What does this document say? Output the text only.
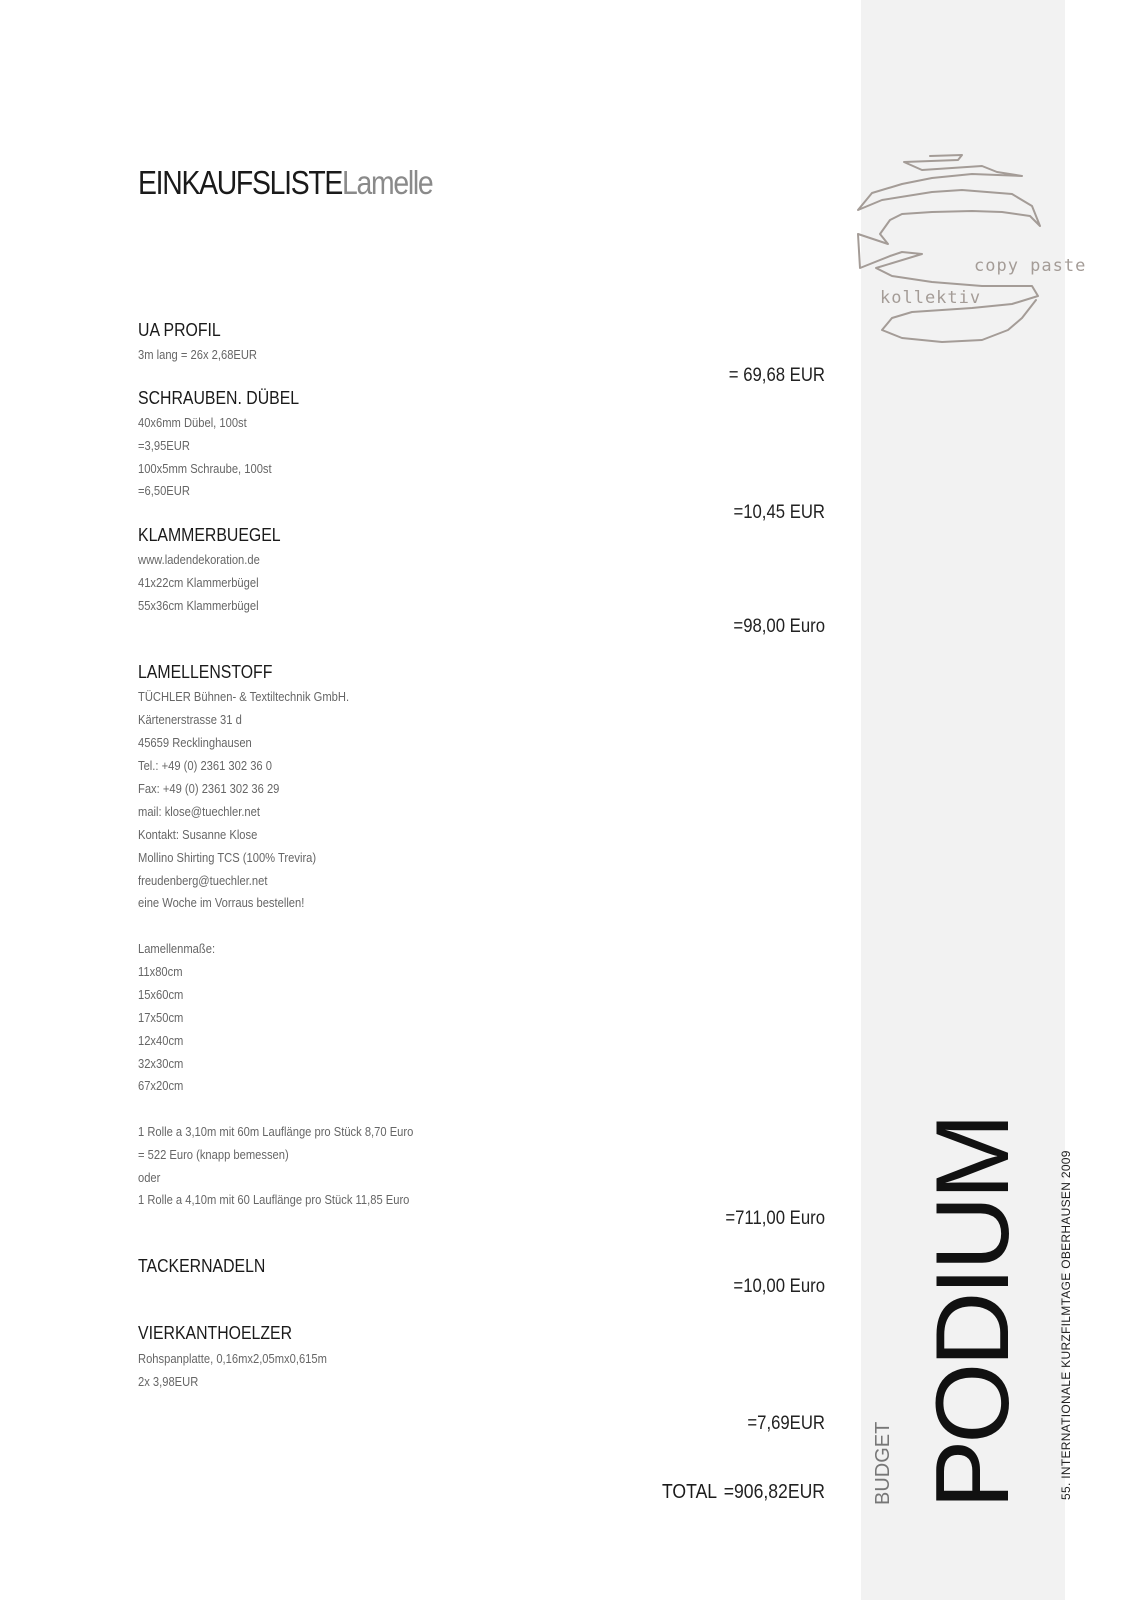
EINKAUFSLISTELamelle
UA PROFIL
3m lang = 26x 2,68EUR
= 69,68 EUR
SCHRAUBEN. DÜBEL
40x6mm Dübel, 100st
=3,95EUR
100x5mm Schraube, 100st
=6,50EUR
=10,45 EUR
KLAMMERBUEGEL
www.ladendekoration.de
41x22cm Klammerbügel
55x36cm Klammerbügel
=98,00 Euro
LAMELLENSTOFF
TÜCHLER Bühnen- & Textiltechnik GmbH.
Kärtenerstrasse 31 d
45659 Recklinghausen
Tel.: +49 (0) 2361 302 36 0
Fax: +49 (0) 2361 302 36 29
mail: klose@tuechler.net
Kontakt: Susanne Klose
Mollino Shirting TCS (100% Trevira)
freudenberg@tuechler.net
eine Woche im Vorraus bestellen!
Lamellenmaße:
11x80cm
15x60cm
17x50cm
12x40cm
32x30cm
67x20cm
1 Rolle a 3,10m mit 60m Lauflänge pro Stück 8,70 Euro
= 522 Euro (knapp bemessen)
oder
1 Rolle a 4,10m mit 60 Lauflänge pro Stück 11,85 Euro
=711,00 Euro
TACKERNADELN
=10,00 Euro
VIERKANTHOELZER
Rohspanplatte, 0,16mx2,05mx0,615m
2x 3,98EUR
=7,69EUR
TOTAL =906,82EUR
copy paste
kollektiv
BUDGET PODIUM 55. INTERNATIONALE KURZFILMTAGE OBERHAUSEN 2009
